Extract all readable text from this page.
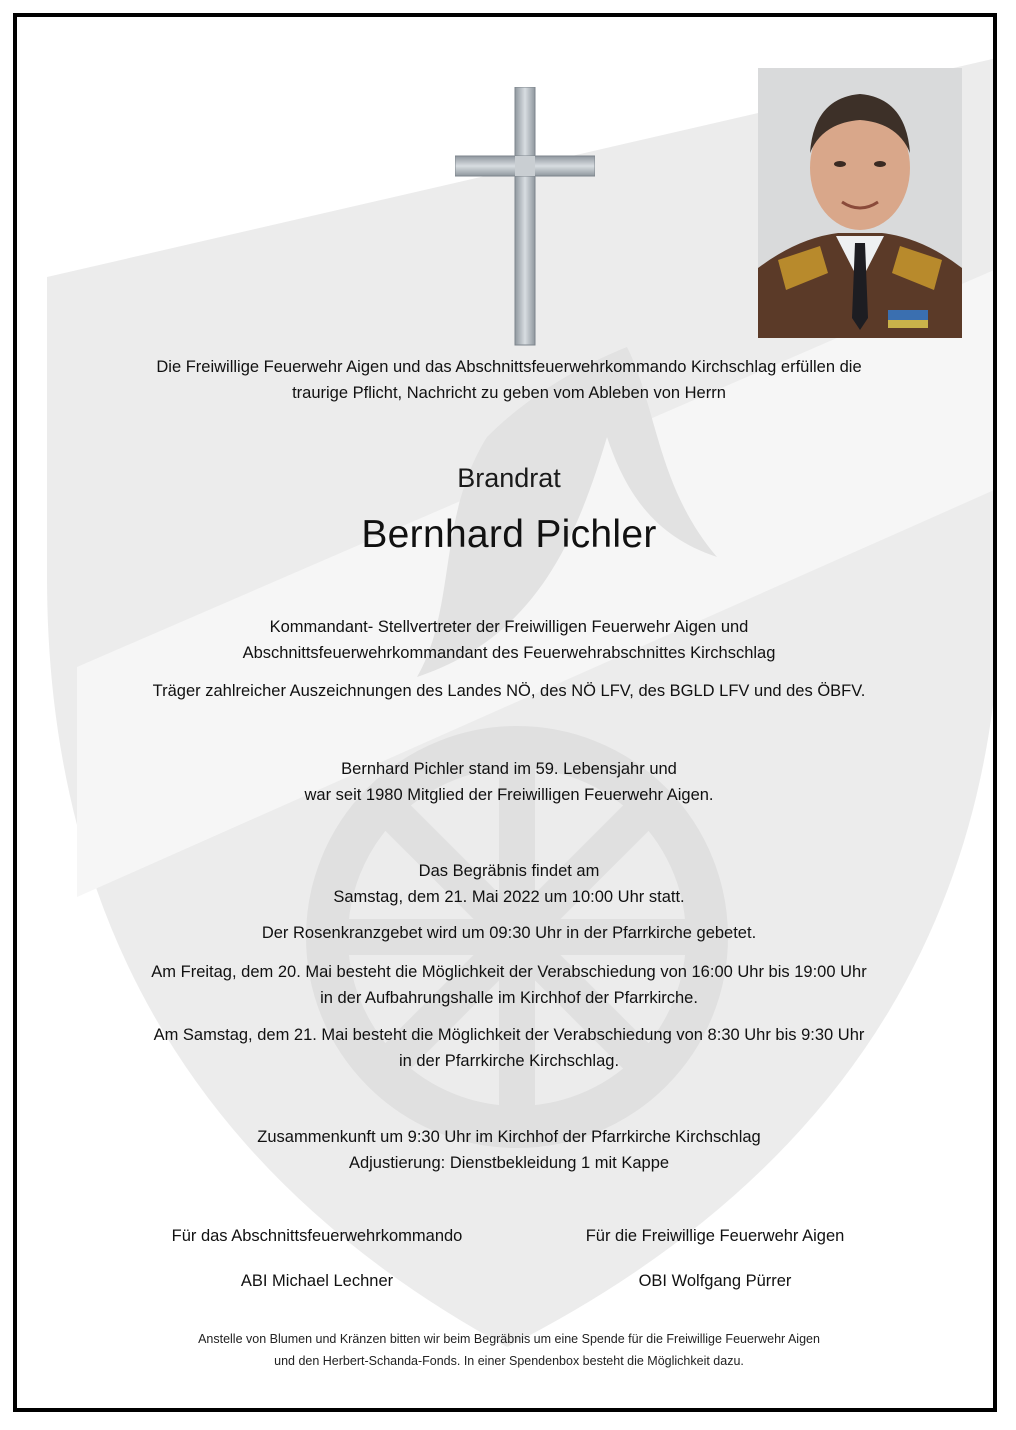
Die Freiwillige Feuerwehr Aigen und das Abschnittsfeuerwehrkommando Kirchschlag erfüllen die
traurige Pflicht, Nachricht zu geben vom Ableben von Herrn
Brandrat
Bernhard Pichler
Kommandant- Stellvertreter der Freiwilligen Feuerwehr Aigen und
Abschnittsfeuerwehrkommandant des Feuerwehrabschnittes Kirchschlag
Träger zahlreicher Auszeichnungen des Landes NÖ, des NÖ LFV, des BGLD LFV und des ÖBFV.
Bernhard Pichler stand im 59. Lebensjahr und
war seit 1980 Mitglied der Freiwilligen Feuerwehr Aigen.
Das Begräbnis findet am
Samstag, dem 21. Mai 2022 um 10:00 Uhr statt.
Der Rosenkranzgebet wird um 09:30 Uhr in der Pfarrkirche gebetet.
Am Freitag, dem 20. Mai besteht die Möglichkeit der Verabschiedung von 16:00 Uhr bis 19:00 Uhr
in der Aufbahrungshalle im Kirchhof der Pfarrkirche.
Am Samstag, dem 21. Mai besteht die Möglichkeit der Verabschiedung von 8:30 Uhr bis 9:30 Uhr
in der Pfarrkirche Kirchschlag.
Zusammenkunft um 9:30 Uhr im Kirchhof der Pfarrkirche Kirchschlag
Adjustierung: Dienstbekleidung 1 mit Kappe
Für das Abschnittsfeuerwehrkommando
ABI Michael Lechner
Für die Freiwillige Feuerwehr Aigen
OBI Wolfgang Pürrer
Anstelle von Blumen und Kränzen bitten wir beim Begräbnis um eine Spende für die Freiwillige Feuerwehr Aigen
und den Herbert-Schanda-Fonds. In einer Spendenbox besteht die Möglichkeit dazu.
